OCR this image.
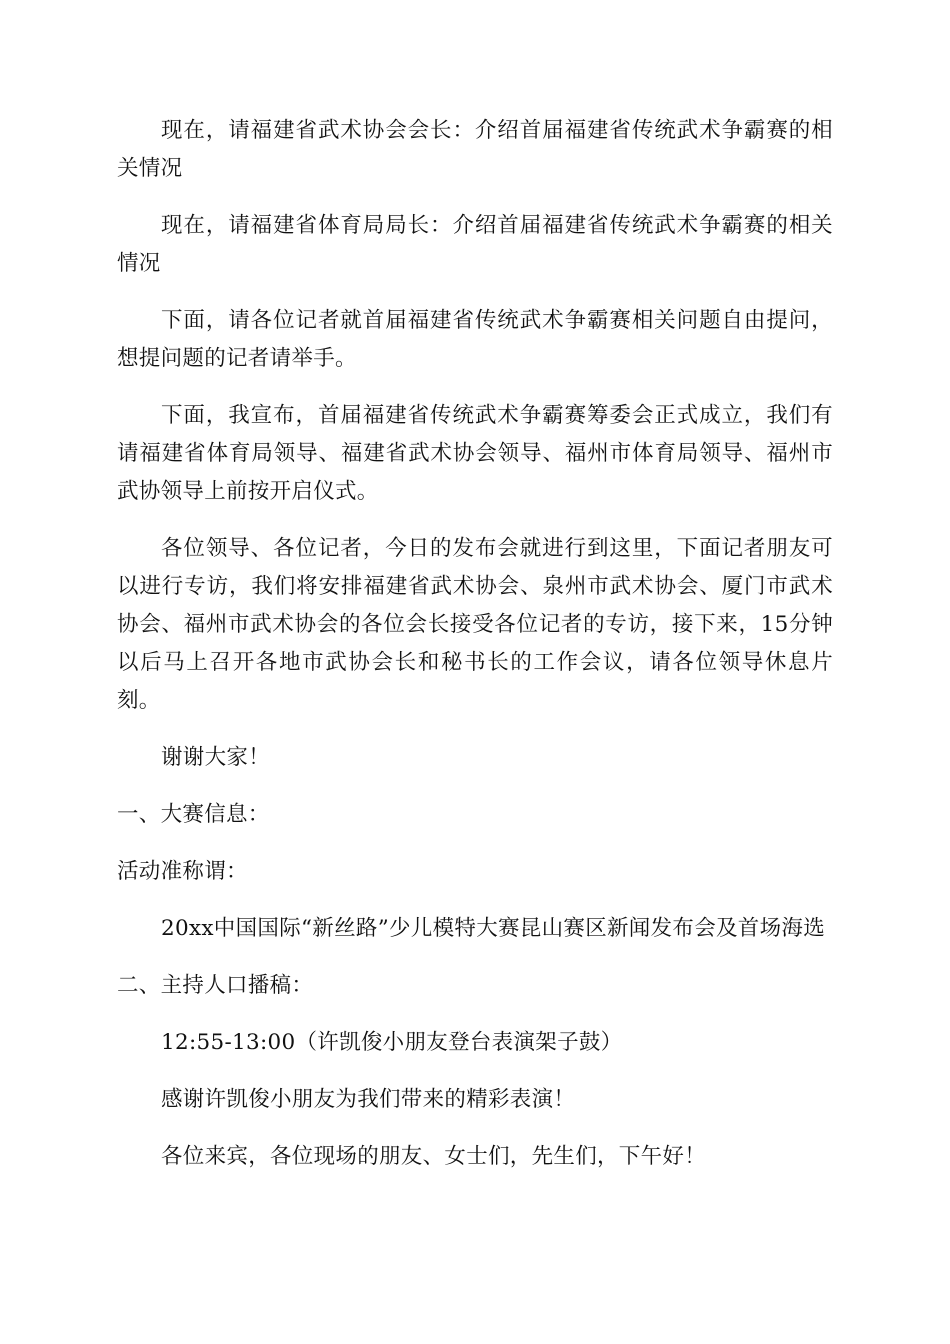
现在，请福建省武术协会会长：介绍首届福建省传统武术争霸赛的相关情况

现在，请福建省体育局局长：介绍首届福建省传统武术争霸赛的相关情况

下面，请各位记者就首届福建省传统武术争霸赛相关问题自由提问，想提问题的记者请举手。

下面，我宣布，首届福建省传统武术争霸赛筹委会正式成立，我们有请福建省体育局领导、福建省武术协会领导、福州市体育局领导、福州市武协领导上前按开启仪式。

各位领导、各位记者，今日的发布会就进行到这里，下面记者朋友可以进行专访，我们将安排福建省武术协会、泉州市武术协会、厦门市武术协会、福州市武术协会的各位会长接受各位记者的专访，接下来，15分钟以后马上召开各地市武协会长和秘书长的工作会议，请各位领导休息片刻。

谢谢大家！

一、大赛信息：

活动准称谓：

20xx中国国际“新丝路”少儿模特大赛昆山赛区新闻发布会及首场海选

二、主持人口播稿：

12:55-13:00（许凯俊小朋友登台表演架子鼓）

感谢许凯俊小朋友为我们带来的精彩表演！

各位来宾，各位现场的朋友、女士们，先生们，下午好！
